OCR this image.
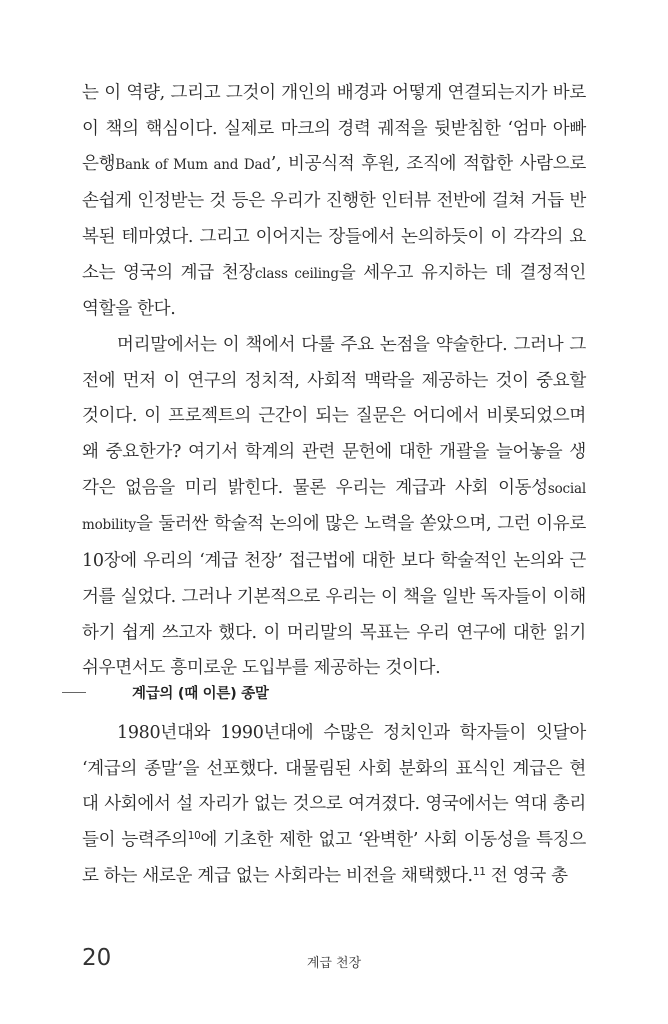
는 이 역량, 그리고 그것이 개인의 배경과 어떻게 연결되는지가 바로 이 책의 핵심이다. 실제로 마크의 경력 궤적을 뒷받침한 ‘엄마 아빠 은행Bank of Mum and Dad’, 비공식적 후원, 조직에 적합한 사람으로 손쉽게 인정받는 것 등은 우리가 진행한 인터뷰 전반에 걸쳐 거듭 반복된 테마였다. 그리고 이어지는 장들에서 논의하듯이 이 각각의 요소는 영국의 계급 천장class ceiling을 세우고 유지하는 데 결정적인 역할을 한다.

머리말에서는 이 책에서 다룰 주요 논점을 약술한다. 그러나 그 전에 먼저 이 연구의 정치적, 사회적 맥락을 제공하는 것이 중요할 것이다. 이 프로젝트의 근간이 되는 질문은 어디에서 비롯되었으며 왜 중요한가? 여기서 학계의 관련 문헌에 대한 개괄을 늘어놓을 생각은 없음을 미리 밝힌다. 물론 우리는 계급과 사회 이동성social mobility을 둘러싼 학술적 논의에 많은 노력을 쏟았으며, 그런 이유로 10장에 우리의 ‘계급 천장’ 접근법에 대한 보다 학술적인 논의와 근거를 실었다. 그러나 기본적으로 우리는 이 책을 일반 독자들이 이해하기 쉽게 쓰고자 했다. 이 머리말의 목표는 우리 연구에 대한 읽기 쉬우면서도 흥미로운 도입부를 제공하는 것이다.

계급의 (때 이른) 종말

1980년대와 1990년대에 수많은 정치인과 학자들이 잇달아 ‘계급의 종말’을 선포했다. 대물림된 사회 분화의 표식인 계급은 현대 사회에서 설 자리가 없는 것으로 여겨졌다. 영국에서는 역대 총리들이 능력주의$^{10}$에 기초한 제한 없고 ‘완벽한’ 사회 이동성을 특징으로 하는 새로운 계급 없는 사회라는 비전을 채택했다.$^{11}$ 전 영국 총

20	계급 천장
